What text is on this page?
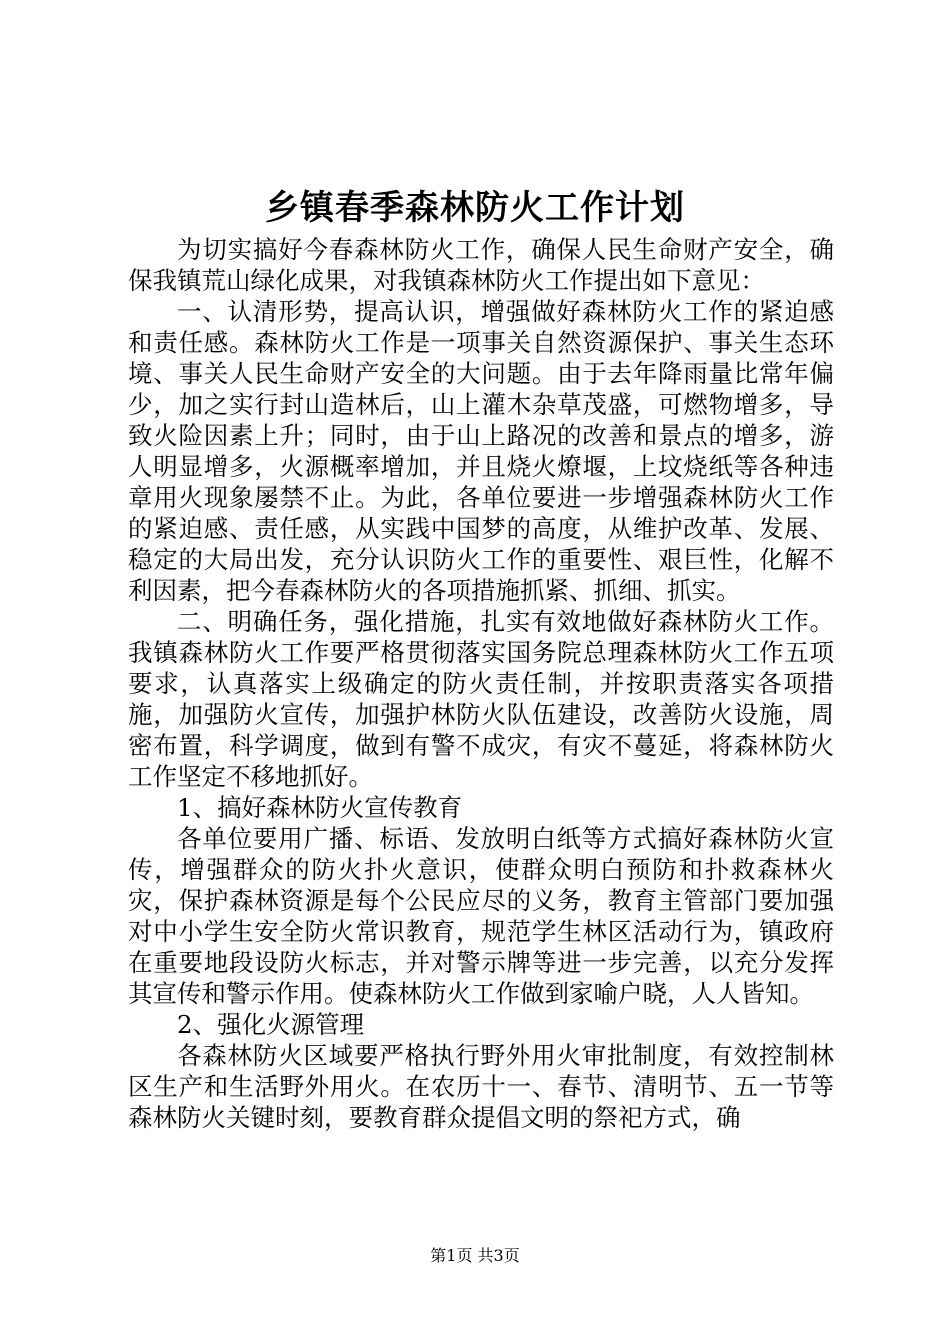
乡镇春季森林防火工作计划

为切实搞好今春森林防火工作，确保人民生命财产安全，确保我镇荒山绿化成果，对我镇森林防火工作提出如下意见：

一、认清形势，提高认识，增强做好森林防火工作的紧迫感和责任感。森林防火工作是一项事关自然资源保护、事关生态环境、事关人民生命财产安全的大问题。由于去年降雨量比常年偏少，加之实行封山造林后，山上灌木杂草茂盛，可燃物增多，导致火险因素上升；同时，由于山上路况的改善和景点的增多，游人明显增多，火源概率增加，并且烧火燎堰，上坟烧纸等各种违章用火现象屡禁不止。为此，各单位要进一步增强森林防火工作的紧迫感、责任感，从实践中国梦的高度，从维护改革、发展、稳定的大局出发，充分认识防火工作的重要性、艰巨性，化解不利因素，把今春森林防火的各项措施抓紧、抓细、抓实。

二、明确任务，强化措施，扎实有效地做好森林防火工作。我镇森林防火工作要严格贯彻落实国务院总理森林防火工作五项要求，认真落实上级确定的防火责任制，并按职责落实各项措施，加强防火宣传，加强护林防火队伍建设，改善防火设施，周密布置，科学调度，做到有警不成灾，有灾不蔓延，将森林防火工作坚定不移地抓好。

1、搞好森林防火宣传教育

各单位要用广播、标语、发放明白纸等方式搞好森林防火宣传，增强群众的防火扑火意识，使群众明白预防和扑救森林火灾，保护森林资源是每个公民应尽的义务，教育主管部门要加强对中小学生安全防火常识教育，规范学生林区活动行为，镇政府在重要地段设防火标志，并对警示牌等进一步完善，以充分发挥其宣传和警示作用。使森林防火工作做到家喻户晓，人人皆知。

2、强化火源管理

各森林防火区域要严格执行野外用火审批制度，有效控制林区生产和生活野外用火。在农历十一、春节、清明节、五一节等森林防火关键时刻，要教育群众提倡文明的祭祀方式，确

第1页 共3页
